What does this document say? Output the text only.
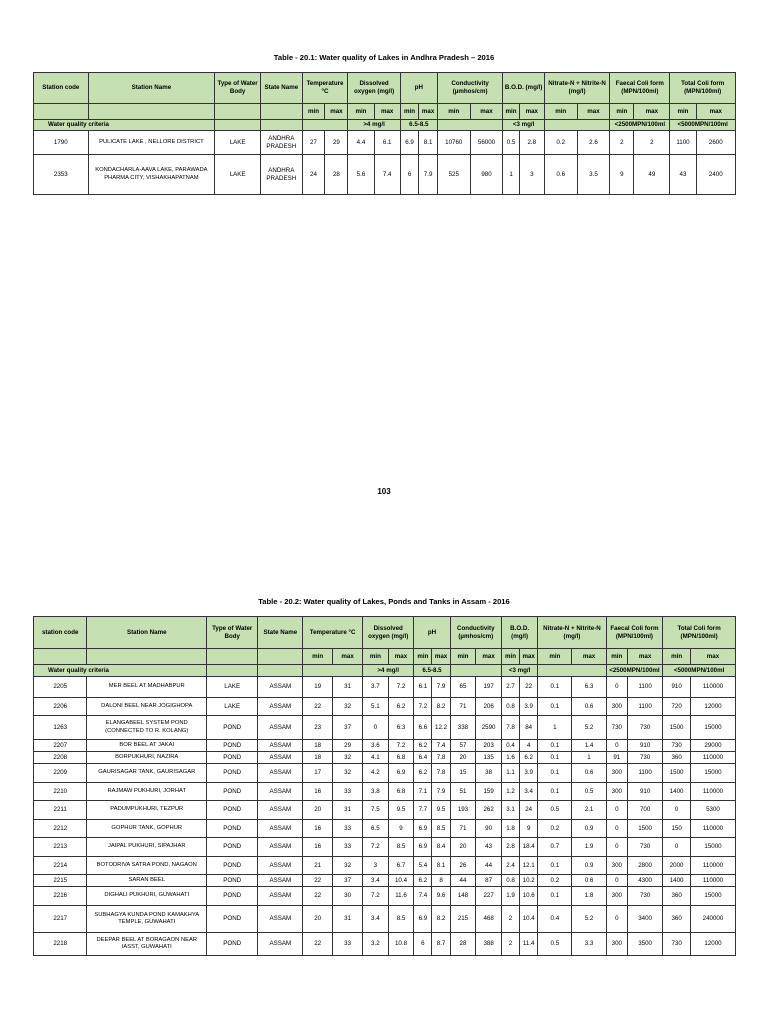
Table - 20.1: Water quality of Lakes in Andhra Pradesh – 2016
Station code	Station Name	Type of Water Body	State Name	Temperature °C		Dissolved oxygen (mg/l)		pH		Conductivity (µmhos/cm)		B.O.D. (mg/l)		Nitrate-N + Nitrite-N (mg/l)		Faecal Coli form (MPN/100ml)		Total Coli form (MPN/100ml)	
				min	max	min	max	min	max	min	max	min	max	min	max	min	max	min	max
Water quality criteria						>4 mg/l		6.5-8.5				<3 mg/l				<2500MPN/100ml		<5000MPN/100ml	
1790	PULICATE LAKE , NELLORE DISTRICT	LAKE	ANDHRA PRADESH	27	29	4.4	6.1	6.9	8.1	10760	56000	0.5	2.8	0.2	2.6	2	2	1100	2600
2353	KONDACHARLA-AAVA LAKE, PARAWADA PHARMA CITY, VISHAKHAPATNAM	LAKE	ANDHRA PRADESH	24	28	5.6	7.4	6	7.9	525	980	1	3	0.6	3.5	9	49	43	2400
103
Table - 20.2: Water quality of Lakes, Ponds and Tanks in Assam - 2016
station code	Station Name	Type of Water Body	State Name	Temperature °C		Dissolved oxygen (mg/l)		pH		Conductivity (µmhos/cm)		B.O.D. (mg/l)		Nitrate-N + Nitrite-N (mg/l)		Faecal Coli form (MPN/100ml)		Total Coli form (MPN/100ml)	
				min	max	min	max	min	max	min	max	min	max	min	max	min	max	min	max
Water quality criteria						>4 mg/l		6.5-8.5				<3 mg/l				<2500MPN/100ml		<5000MPN/100ml	
2205	MER BEEL AT MADHABPUR	LAKE	ASSAM	19	31	3.7	7.2	6.1	7.9	65	197	2.7	22	0.1	6.3	0	1100	910	110000
2206	DALONI BEEL NEAR JOGIGHOPA	LAKE	ASSAM	22	32	5.1	6.2	7.2	8.2	71	206	0.8	3.9	0.1	0.6	300	1100	720	12000
1263	ELANGABEEL SYSTEM POND (CONNECTED TO R. KOLANG)	POND	ASSAM	23	37	0	6.3	6.6	12.2	338	2590	7.8	84	1	5.2	730	730	1500	15000
2207	BOR BEEL AT JAKAI	POND	ASSAM	18	29	3.6	7.2	6.2	7.4	57	203	0.4	4	0.1	1.4	0	910	730	29000
2208	BORPUKHURI, NAZIRA	POND	ASSAM	18	32	4.1	6.8	6.4	7.8	20	135	1.6	6.2	0.1	1	91	730	360	110000
2209	GAURISAGAR TANK, GAURISAGAR	POND	ASSAM	17	32	4.2	6.9	6.2	7.8	15	38	1.1	3.9	0.1	0.6	300	1100	1500	15000
2210	RAJMAW PUKHURI, JORHAT	POND	ASSAM	16	33	3.8	6.8	7.1	7.9	51	159	1.2	3.4	0.1	0.5	300	910	1400	110000
2211	PADUMPUKHURI, TEZPUR	POND	ASSAM	20	31	7.5	9.5	7.7	9.5	193	262	3.1	24	0.5	2.1	0	700	0	5300
2212	GOPHUR TANK, GOPHUR	POND	ASSAM	16	33	6.5	9	6.9	8.5	71	90	1.8	9	0.2	0.9	0	1500	150	110000
2213	JAIPAL PUKHURI, SIPAJHAR	POND	ASSAM	16	33	7.2	8.5	6.9	8.4	20	43	2.8	18.4	0.7	1.9	0	730	0	15000
2214	BOTODRIVA SATRA POND, NAGAON	POND	ASSAM	21	32	3	6.7	5.4	8.1	26	44	2.4	12.1	0.1	0.9	300	2800	2000	110000
2215	SARAN BEEL	POND	ASSAM	22	37	3.4	10.4	6.2	8	44	87	0.8	10.2	0.2	0.6	0	4300	1400	110000
2216	DIGHALI PUKHURI, GUWAHATI	POND	ASSAM	22	30	7.2	11.6	7.4	9.6	148	227	1.9	10.6	0.1	1.8	300	730	360	15000
2217	SUBHAGYA KUNDA POND KAMAKHYA TEMPLE, GUWAHATI	POND	ASSAM	20	31	3.4	8.5	6.9	8.2	215	468	2	10.4	0.4	5.2	0	3400	360	240000
2218	DEEPAR BEEL AT BORAGAON NEAR IASST, GUWAHATI	POND	ASSAM	22	33	3.2	10.8	6	8.7	28	388	2	11.4	0.5	3.3	300	3500	730	12000
